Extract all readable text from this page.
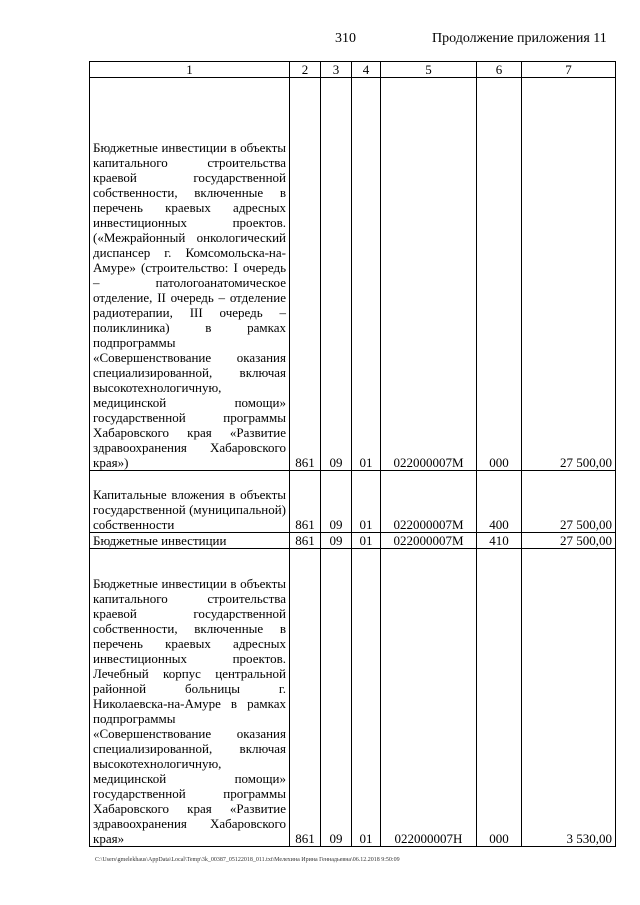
310	Продолжение приложения 11
1	2	3	4	5	6	7
Бюджетные инвестиции в объекты капитального строительства краевой государственной собственности, включенные в перечень краевых адресных инвестиционных проектов. («Межрайонный онкологический диспансер г. Комсомольска-на-Амуре» (строительство: I очередь – патологоанатомическое отделение, II очередь – отделение радиотерапии, III очередь – поликлиника) в рамках подпрограммы «Совершенствование оказания специализированной, включая высокотехнологичную, медицинской помощи» государственной программы Хабаровского края «Развитие здравоохранения Хабаровского края»)	861	09	01	022000007М	000	27 500,00
Капитальные вложения в объекты государственной (муниципальной) собственности	861	09	01	022000007М	400	27 500,00
Бюджетные инвестиции	861	09	01	022000007М	410	27 500,00
Бюджетные инвестиции в объекты капитального строительства краевой государственной собственности, включенные в перечень краевых адресных инвестиционных проектов. Лечебный корпус центральной районной больницы г. Николаевска-на-Амуре в рамках подпрограммы «Совершенствование оказания специализированной, включая высокотехнологичную, медицинской помощи» государственной программы Хабаровского края «Развитие здравоохранения Хабаровского края»	861	09	01	022000007Н	000	3 530,00
C:\Users\gmelekhaus\AppData\Local\Temp\3k_00387_05122018_011.txt\Мелехина Ирина Геннадьевна\06.12.2018 9:50:09
